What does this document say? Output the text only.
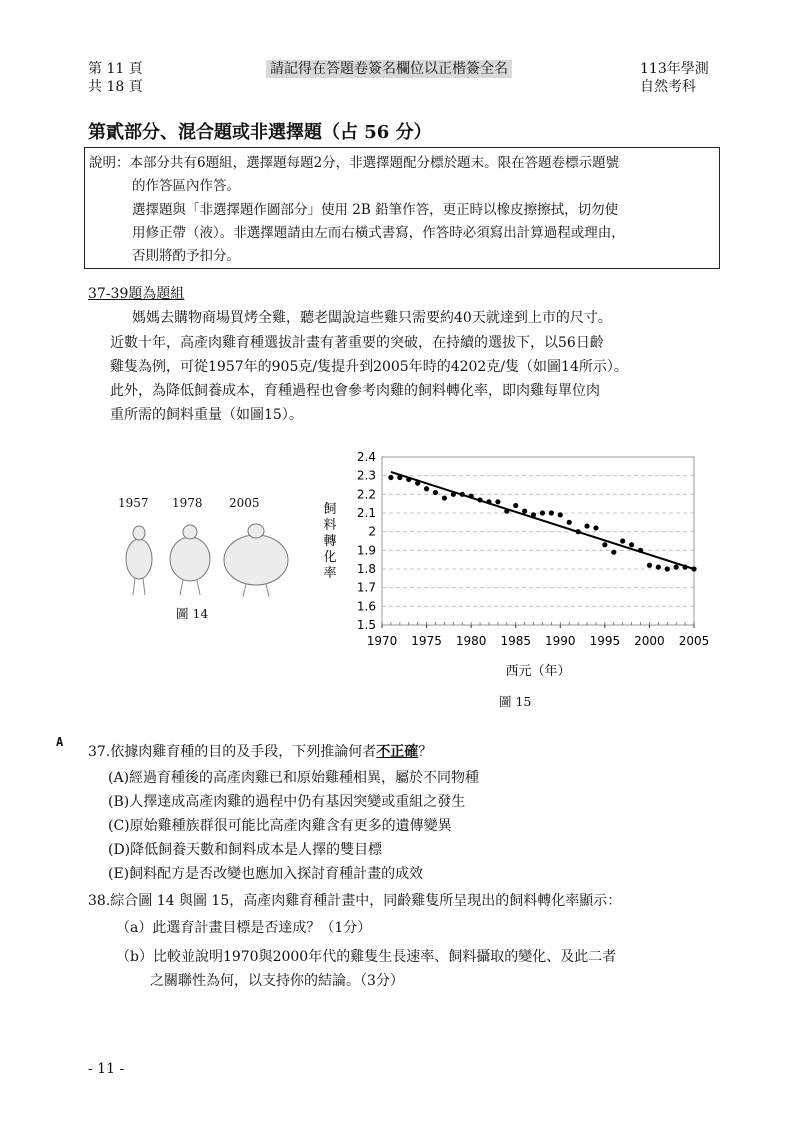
第 11 頁
共 18 頁
請記得在答題卷簽名欄位以正楷簽全名	113年學測
自然考科
第貳部分、混合題或非選擇題（占 56 分）
說明：本部分共有6題組，選擇題每題2分，非選擇題配分標於題末。限在答題卷標示題號
的作答區內作答。
選擇題與「非選擇題作圖部分」使用 2B 鉛筆作答，更正時以橡皮擦擦拭，切勿使
用修正帶（液）。非選擇題請由左而右橫式書寫，作答時必須寫出計算過程或理由，
否則將酌予扣分。
37-39題為題組
媽媽去購物商場買烤全雞，聽老闆說這些雞只需要約40天就達到上市的尺寸。
近數十年，高產肉雞育種選拔計畫有著重要的突破，在持續的選拔下，以56日齡
雞隻為例，可從1957年的905克/隻提升到2005年時的4202克/隻（如圖14所示）。
此外，為降低飼養成本，育種過程也會參考肉雞的飼料轉化率，即肉雞每單位肉
重所需的飼料重量（如圖15）。
1957 1978 2005
圖 14
1.5
1.6
1.7
1.8
1.9
2
2.1
2.2
2.3
2.4
1970 1975 1980 1985 1990 1995 2000 2005
飼
料
轉
化
率
西元（年）
圖 15
A
37.依據肉雞育種的目的及手段，下列推論何者不正確？
(A)經過育種後的高產肉雞已和原始雞種相異，屬於不同物種
(B)人擇達成高產肉雞的過程中仍有基因突變或重組之發生
(C)原始雞種族群很可能比高產肉雞含有更多的遺傳變異
(D)降低飼養天數和飼料成本是人擇的雙目標
(E)飼料配方是否改變也應加入探討育種計畫的成效
38.綜合圖 14 與圖 15，高產肉雞育種計畫中，同齡雞隻所呈現出的飼料轉化率顯示：
（a）此選育計畫目標是否達成？（1分）
（b）比較並說明1970與2000年代的雞隻生長速率、飼料攝取的變化、及此二者
之關聯性為何，以支持你的結論。（3分）
- 11 -
